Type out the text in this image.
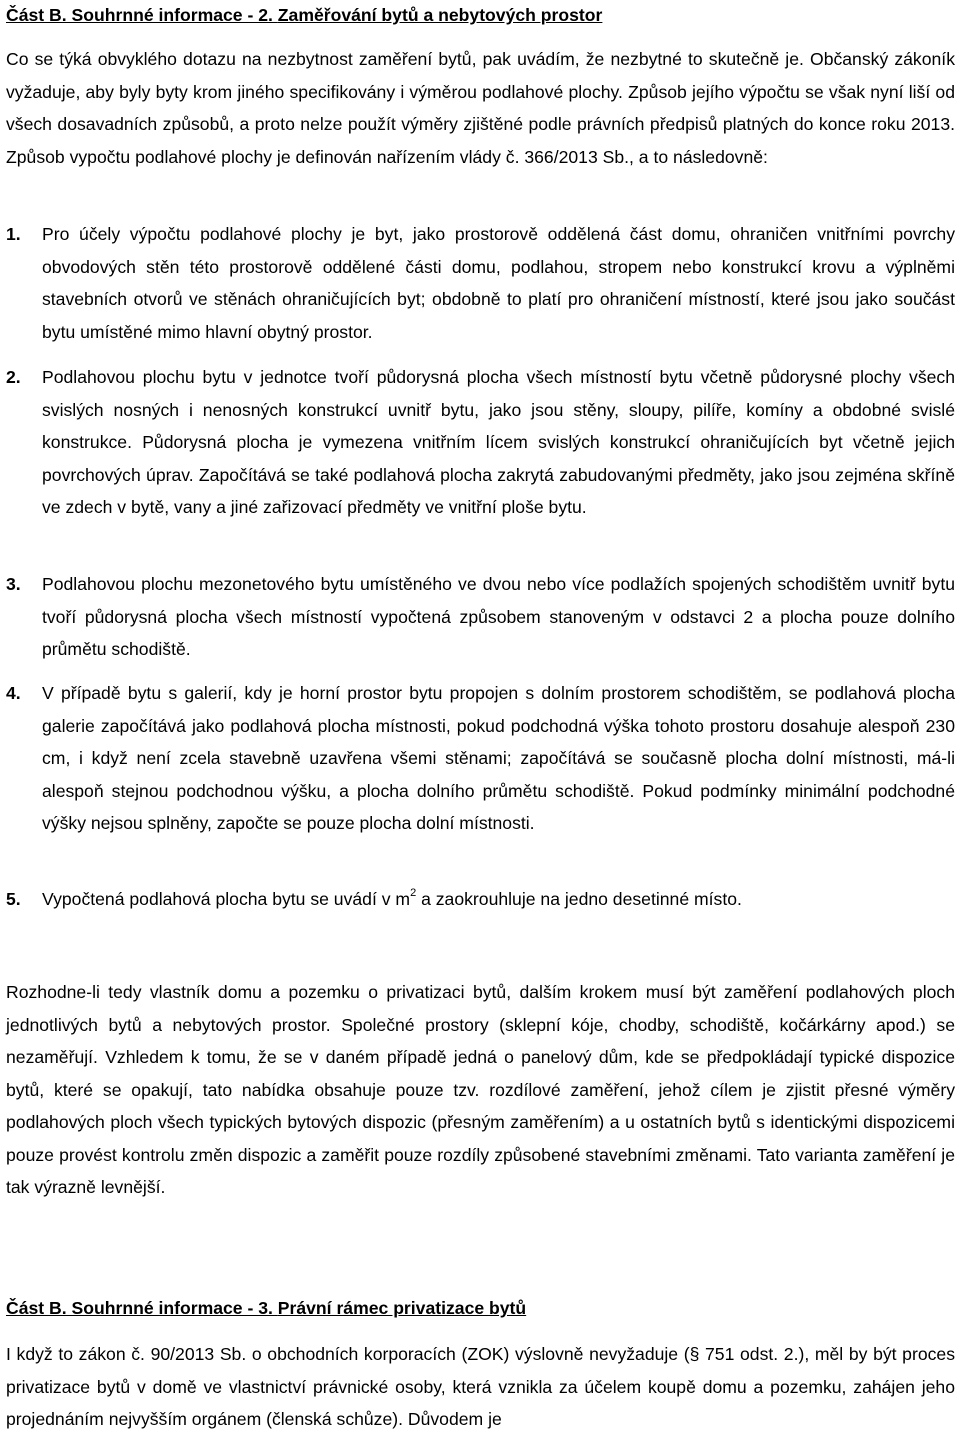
Část B. Souhrnné informace - 2. Zaměřování bytů a nebytových prostor

Co se týká obvyklého dotazu na nezbytnost zaměření bytů, pak uvádím, že nezbytné to skutečně je. Občanský zákoník vyžaduje, aby byly byty krom jiného specifikovány i výměrou podlahové plochy. Způsob jejího výpočtu se však nyní liší od všech dosavadních způsobů, a proto nelze použít výměry zjištěné podle právních předpisů platných do konce roku 2013. Způsob vypočtu podlahové plochy je definován nařízením vlády č. 366/2013 Sb., a to následovně:

1.	Pro účely výpočtu podlahové plochy je byt, jako prostorově oddělená část domu, ohraničen vnitřními povrchy obvodových stěn této prostorově oddělené části domu, podlahou, stropem nebo konstrukcí krovu a výplněmi stavebních otvorů ve stěnách ohraničujících byt; obdobně to platí pro ohraničení místností, které jsou jako součást bytu umístěné mimo hlavní obytný prostor.
2.	Podlahovou plochu bytu v jednotce tvoří půdorysná plocha všech místností bytu včetně půdorysné plochy všech svislých nosných i nenosných konstrukcí uvnitř bytu, jako jsou stěny, sloupy, pilíře, komíny a obdobné svislé konstrukce. Půdorysná plocha je vymezena vnitřním lícem svislých konstrukcí ohraničujících byt včetně jejich povrchových úprav. Započítává se také podlahová plocha zakrytá zabudovanými předměty, jako jsou zejména skříně ve zdech v bytě, vany a jiné zařizovací předměty ve vnitřní ploše bytu.
3.	Podlahovou plochu mezonetového bytu umístěného ve dvou nebo více podlažích spojených schodištěm uvnitř bytu tvoří půdorysná plocha všech místností vypočtená způsobem stanoveným v odstavci 2 a plocha pouze dolního průmětu schodiště.
4.	V případě bytu s galerií, kdy je horní prostor bytu propojen s dolním prostorem schodištěm, se podlahová plocha galerie započítává jako podlahová plocha místnosti, pokud podchodná výška tohoto prostoru dosahuje alespoň 230 cm, i když není zcela stavebně uzavřena všemi stěnami; započítává se současně plocha dolní místnosti, má-li alespoň stejnou podchodnou výšku, a plocha dolního průmětu schodiště. Pokud podmínky minimální podchodné výšky nejsou splněny, započte se pouze plocha dolní místnosti.
5.	Vypočtená podlahová plocha bytu se uvádí v $m^2$ a zaokrouhluje na jedno desetinné místo.

Rozhodne-li tedy vlastník domu a pozemku o privatizaci bytů, dalším krokem musí být zaměření podlahových ploch jednotlivých bytů a nebytových prostor. Společné prostory (sklepní kóje, chodby, schodiště, kočárkárny apod.) se nezaměřují. Vzhledem k tomu, že se v daném případě jedná o panelový dům, kde se předpokládají typické dispozice bytů, které se opakují, tato nabídka obsahuje pouze tzv. rozdílové zaměření, jehož cílem je zjistit přesné výměry podlahových ploch všech typických bytových dispozic (přesným zaměřením) a u ostatních bytů s identickými dispozicemi pouze provést kontrolu změn dispozic a zaměřit pouze rozdíly způsobené stavebními změnami. Tato varianta zaměření je tak výrazně levnější.

Část B. Souhrnné informace - 3. Právní rámec privatizace bytů

I když to zákon č. 90/2013 Sb. o obchodních korporacích (ZOK) výslovně nevyžaduje (§ 751 odst. 2.), měl by být proces privatizace bytů v domě ve vlastnictví právnické osoby, která vznikla za účelem koupě domu a pozemku, zahájen jeho projednáním nejvyšším orgánem (členská schůze). Důvodem je
